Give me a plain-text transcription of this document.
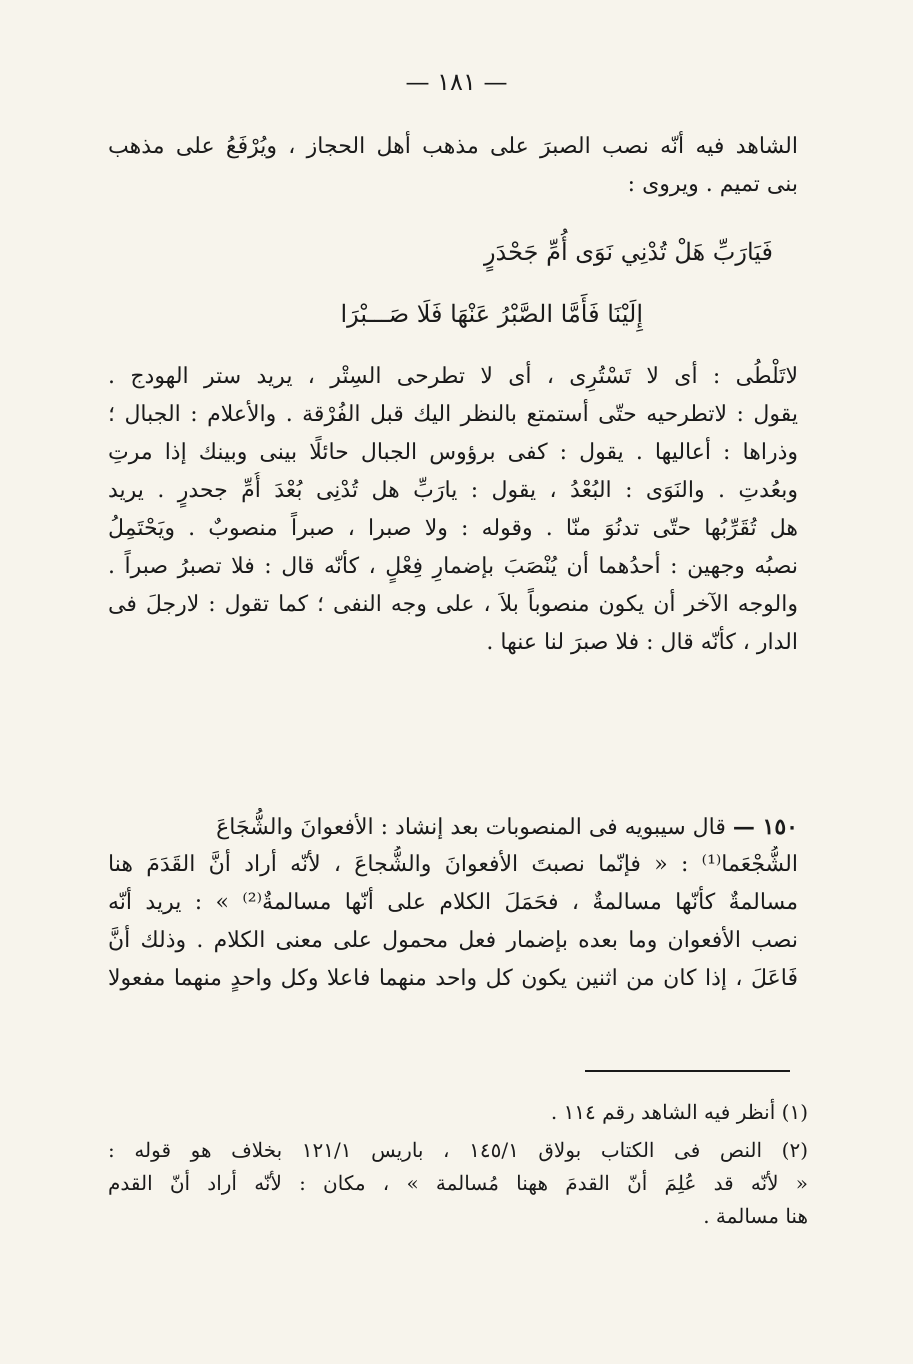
— ١٨١ —
الشاهد فيه أنّه نصب الصبرَ على مذهب أهل الحجاز ، ويُرْفَعُ على مذهب
بنى تميم . ويروى :
فَيَارَبِّ هَلْ تُدْنِي نَوَى أُمِّ جَحْدَرٍ
إِلَيْنَا فَأَمَّا الصَّبْرُ عَنْهَا فَلَا صَـــبْرَا
لاتَلْطُى : أى لا تَسْتُرِى ، أى لا تطرحى السِتْر ، يريد ستر الهودج .
يقول : لاتطرحيه حتّى أستمتع بالنظر اليك قبل الفُرْقة . والأعلام : الجبال ؛
وذراها : أعاليها . يقول : كفى برؤوس الجبال حائلًا بينى وبينك إذا مرتِ
وبعُدتِ . والنَوَى : البُعْدُ ، يقول : يارَبِّ هل تُدْنِى بُعْدَ أُمِّ جحدرٍ . يريد
هل تُقَرِّبُها حتّى تدنُوَ منّا . وقوله : ولا صبرا ، صبراً منصوبٌ . ويَحْتَمِلُ
نصبُه وجهين : أحدُهما أن يُنْصَبَ بإضمارِ فِعْلٍ ، كأنّه قال : فلا تصبرُ صبراً .
والوجه الآخر أن يكون منصوباً بلاَ ، على وجه النفى ؛ كما تقول : لارجلَ فى
الدار ، كأنّه قال : فلا صبرَ لنا عنها .
١٥٠ — قال سيبويه فى المنصوبات بعد إنشاد : الأفعوانَ والشُّجَاعَ
الشُّجْعَما⁽¹⁾ : « فإنّما نصبتَ الأفعوانَ والشُّجاعَ ، لأنّه أراد أنَّ القَدَمَ هنا
مسالمةٌ كأنّها مسالمةٌ ، فحَمَلَ الكلام على أنّها مسالمةٌ⁽²⁾ » : يريد أنّه
نصب الأفعوان وما بعده بإضمار فعل محمول على معنى الكلام . وذلك أنَّ
فَاعَلَ ، إذا كان من اثنين يكون كل واحد منهما فاعلا وكل واحدٍ منهما مفعولا
(١) أنظر فيه الشاهد رقم ١١٤ .
(٢) النص فى الكتاب بولاق ١٤٥/١ ، باريس ١٢١/١ بخلاف هو قوله :
« لأنّه قد عُلِمَ أنّ القدمَ ههنا مُسالمة » ، مكان : لأنّه أراد أنّ القدم
هنا مسالمة .
